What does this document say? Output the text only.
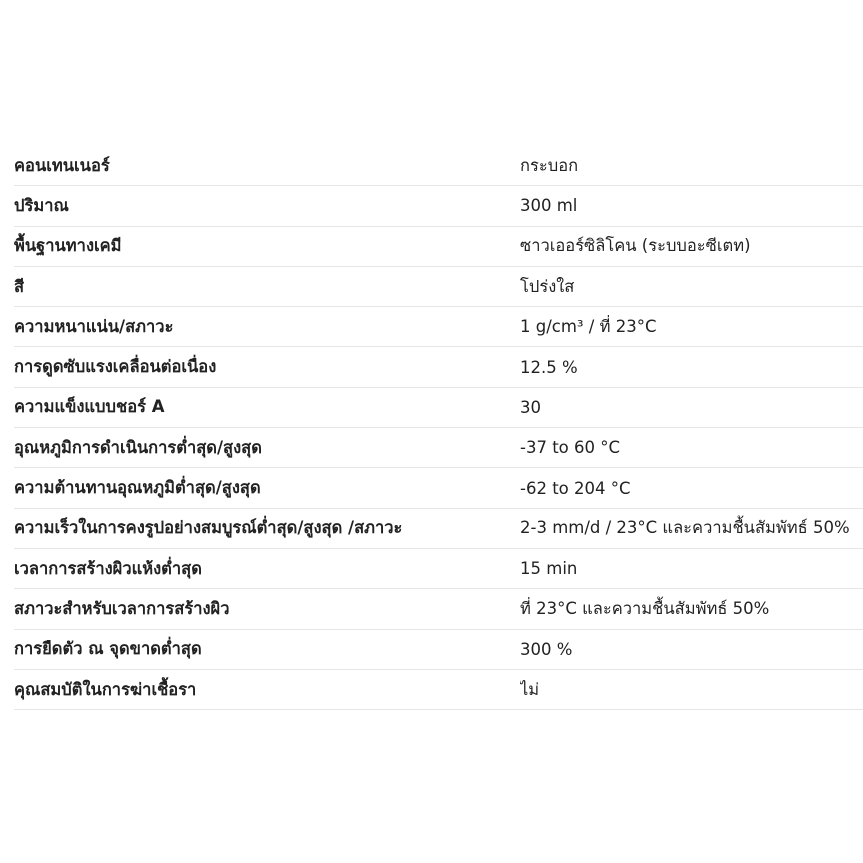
คอนเทนเนอร์	กระบอก
ปริมาณ	300 ml
พื้นฐานทางเคมี	ซาวเออร์ซิลิโคน (ระบบอะซีเตท)
สี	โปร่งใส
ความหนาแน่น/สภาวะ	1 g/cm³ / ที่ 23°C
การดูดซับแรงเคลื่อนต่อเนื่อง	12.5 %
ความแข็งแบบชอร์ A	30
อุณหภูมิการดำเนินการต่ำสุด/สูงสุด	-37 to 60 °C
ความต้านทานอุณหภูมิต่ำสุด/สูงสุด	-62 to 204 °C
ความเร็วในการคงรูปอย่างสมบูรณ์ต่ำสุด/สูงสุด /สภาวะ	2-3 mm/d / 23°C และความชื้นสัมพัทธ์ 50%
เวลาการสร้างผิวแห้งต่ำสุด	15 min
สภาวะสำหรับเวลาการสร้างผิว	ที่ 23°C และความชื้นสัมพัทธ์ 50%
การยืดตัว ณ จุดขาดต่ำสุด	300 %
คุณสมบัติในการฆ่าเชื้อรา	ไม่
